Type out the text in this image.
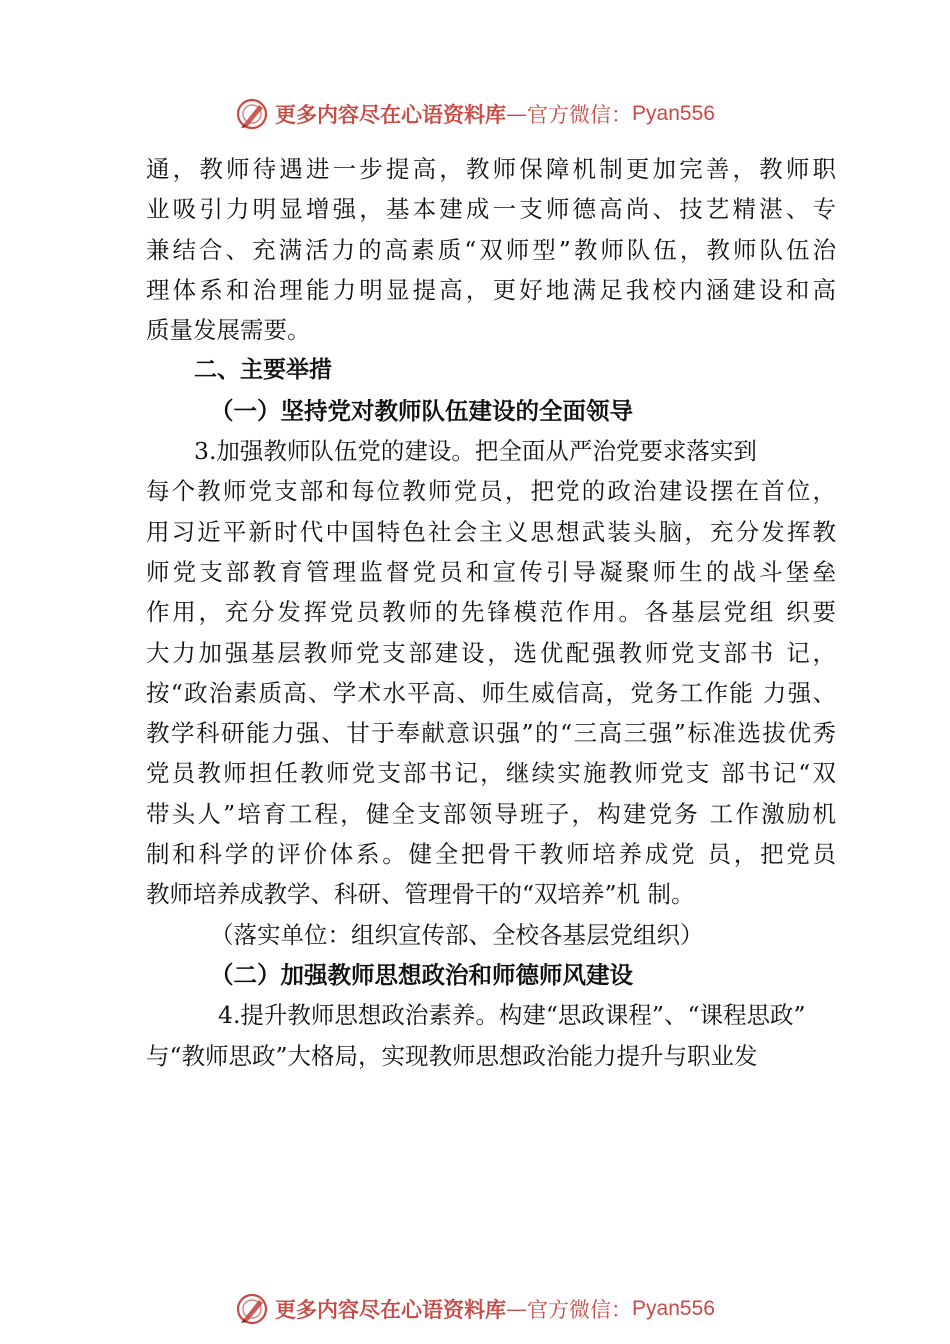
更多内容尽在心语资料库 — 官方微信： Pyan556
通，教师待遇进一步提高，教师保障机制更加完善，教师职
业吸引力明显增强，基本建成一支师德高尚、技艺精湛、专
兼结合、充满活力的高素质“双师型”教师队伍，教师队伍治
理体系和治理能力明显提高，更好地满足我校内涵建设和高
质量发展需要。
二、主要举措
（一）坚持党对教师队伍建设的全面领导
3.加强教师队伍党的建设。把全面从严治党要求落实到
每个教师党支部和每位教师党员，把党的政治建设摆在首位，
用习近平新时代中国特色社会主义思想武装头脑，充分发挥教
师党支部教育管理监督党员和宣传引导凝聚师生的战斗堡垒
作用，充分发挥党员教师的先锋模范作用。各基层党组 织要
大力加强基层教师党支部建设，选优配强教师党支部书 记，
按“政治素质高、学术水平高、师生威信高，党务工作能 力强、
教学科研能力强、甘于奉献意识强”的“三高三强”标准选拔优秀
党员教师担任教师党支部书记，继续实施教师党支 部书记“双
带头人”培育工程，健全支部领导班子，构建党务 工作激励机
制和科学的评价体系。健全把骨干教师培养成党 员，把党员
教师培养成教学、科研、管理骨干的“双培养”机 制。
（落实单位：组织宣传部、全校各基层党组织）
（二）加强教师思想政治和师德师风建设
4.提升教师思想政治素养。构建“思政课程”、“课程思政”
与“教师思政”大格局，实现教师思想政治能力提升与职业发
更多内容尽在心语资料库 — 官方微信： Pyan556
